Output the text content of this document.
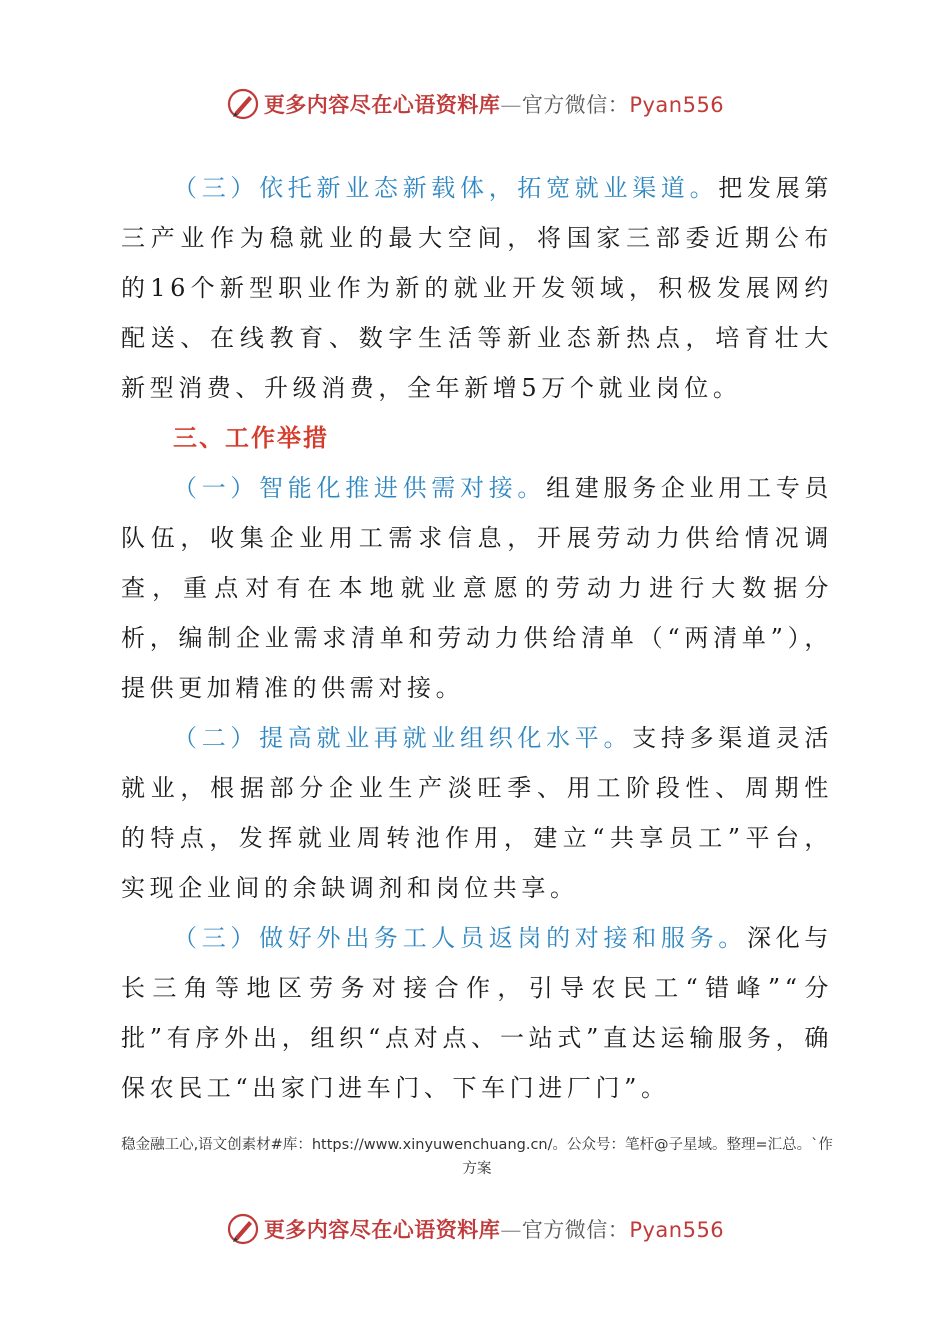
更多内容尽在心语资料库—官方微信：Pyan556

（三）依托新业态新载体，拓宽就业渠道。把发展第三产业作为稳就业的最大空间，将国家三部委近期公布的16个新型职业作为新的就业开发领域，积极发展网约配送、在线教育、数字生活等新业态新热点，培育壮大新型消费、升级消费，全年新增5万个就业岗位。

三、工作举措

（一）智能化推进供需对接。组建服务企业用工专员队伍，收集企业用工需求信息，开展劳动力供给情况调查，重点对有在本地就业意愿的劳动力进行大数据分析，编制企业需求清单和劳动力供给清单（“两清单”），提供更加精准的供需对接。

（二）提高就业再就业组织化水平。支持多渠道灵活就业，根据部分企业生产淡旺季、用工阶段性、周期性的特点，发挥就业周转池作用，建立“共享员工”平台，实现企业间的余缺调剂和岗位共享。

（三）做好外出务工人员返岗的对接和服务。深化与长三角等地区劳务对接合作，引导农民工“错峰”“分批”有序外出，组织“点对点、一站式”直达运输服务，确保农民工“出家门进车门、下车门进厂门”。

稳金融工心,语文创素材#库：https://www.xinyuwenchuang.cn/。公众号：笔杆@子星域。整理=汇总。`作方案
更多内容尽在心语资料库—官方微信：Pyan556
